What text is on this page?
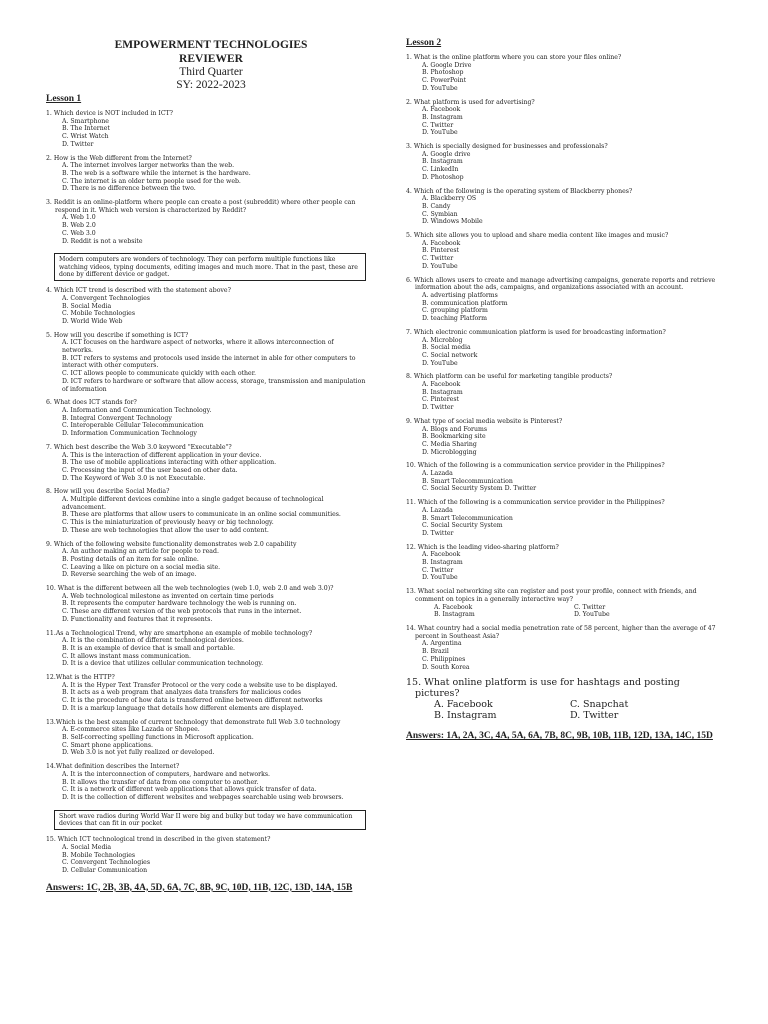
EMPOWERMENT TECHNOLOGIES
REVIEWER
Third Quarter
SY: 2022-2023
Lesson 1
1. Which device is NOT included in ICT?
A. Smartphone
B. The Internet
C. Wrist Watch
D. Twitter
2. How is the Web different from the Internet?
A. The internet involves larger networks than the web.
B. The web is a software while the internet is the hardware.
C. The internet is an older term people used for the web.
D. There is no difference between the two.
3. Reddit is an online-platform where people can create a post (subreddit) where other people can respond in it. Which web version is characterized by Reddit?
A. Web 1.0
B. Web 2.0
C. Web 3.0
D. Reddit is not a website
Modern computers are wonders of technology. They can perform multiple functions like watching videos, typing documents, editing images and much more. That in the past, these are done by different device or gadget.
4. Which ICT trend is described with the statement above?
A. Convergent Technologies
B. Social Media
C. Mobile Technologies
D. World Wide Web
5. How will you describe if something is ICT?
A. ICT focuses on the hardware aspect of networks, where it allows interconnection of networks.
B. ICT refers to systems and protocols used inside the internet in able for other computers to interact with other computers.
C. ICT allows people to communicate quickly with each other.
D. ICT refers to hardware or software that allow access, storage, transmission and manipulation of information
6. What does ICT stands for?
A. Information and Communication Technology.
B. Integral Convergent Technology
C. Interoperable Cellular Telecommunication
D. Information Communication Technology
7. Which best describe the Web 3.0 keyword "Executable"?
A. This is the interaction of different application in your device.
B. The use of mobile applications interacting with other application.
C. Processing the input of the user based on other data.
D. The Keyword of Web 3.0 is not Executable.
8. How will you describe Social Media?
A. Multiple different devices combine into a single gadget because of technological advancement.
B. These are platforms that allow users to communicate in an online social communities.
C. This is the miniaturization of previously heavy or big technology.
D. These are web technologies that allow the user to add content.
9. Which of the following website functionality demonstrates web 2.0 capability
A. An author making an article for people to read.
B. Posting details of an item for sale online.
C. Leaving a like on picture on a social media site.
D. Reverse searching the web of an image.
10. What is the different between all the web technologies (web 1.0, web 2.0 and web 3.0)?
A. Web technological milestone as invented on certain time periods
B. It represents the computer hardware technology the web is running on.
C. These are different version of the web protocols that runs in the internet.
D. Functionality and features that it represents.
11.As a Technological Trend, why are smartphone an example of mobile technology?
A. It is the combination of different technological devices.
B. It is an example of device that is small and portable.
C. It allows instant mass communication.
D. It is a device that utilizes cellular communication technology.
12.What is the HTTP?
A. It is the Hyper Text Transfer Protocol or the very code a website use to be displayed.
B. It acts as a web program that analyzes data transfers for malicious codes
C. It is the procedure of how data is transferred online between different networks
D. It is a markup language that details how different elements are displayed.
13.Which is the best example of current technology that demonstrate full Web 3.0 technology
A. E-commerce sites like Lazada or Shopee.
B. Self-correcting spelling functions in Microsoft application.
C. Smart phone applications.
D. Web 3.0 is not yet fully realized or developed.
14.What definition describes the Internet?
A. It is the interconnection of computers, hardware and networks.
B. It allows the transfer of data from one computer to another.
C. It is a network of different web applications that allows quick transfer of data.
D. It is the collection of different websites and webpages searchable using web browsers.
Short wave radios during World War II were big and bulky but today we have communication devices that can fit in our pocket
15. Which ICT technological trend in described in the given statement?
A. Social Media
B. Mobile Technologies
C. Convergent Technologies
D. Cellular Communication
Answers: 1C, 2B, 3B, 4A, 5D, 6A, 7C, 8B, 9C, 10D, 11B, 12C, 13D, 14A, 15B
Lesson 2
1. What is the online platform where you can store your files online?
A. Google Drive
B. Photoshop
C. PowerPoint
D. YouTube
2. What platform is used for advertising?
A. Facebook
B. Instagram
C. Twitter
D. YouTube
3. Which is specially designed for businesses and professionals?
A. Google drive
B. Instagram
C. LinkedIn
D. Photoshop
4. Which of the following is the operating system of Blackberry phones?
A. Blackberry OS
B. Candy
C. Symbian
D. Windows Mobile
5. Which site allows you to upload and share media content like images and music?
A. Facebook
B. Pinterest
C. Twitter
D. YouTube
6. Which allows users to create and manage advertising campaigns, generate reports and retrieve information about the ads, campaigns, and organizations associated with an account.
A. advertising platforms
B. communication platform
C. grouping platform
D. teaching Platform
7. Which electronic communication platform is used for broadcasting information?
A. Microblog
B. Social media
C. Social network
D. YouTube
8. Which platform can be useful for marketing tangible products?
A. Facebook
B. Instagram
C. Pinterest
D. Twitter
9. What type of social media website is Pinterest?
A. Blogs and Forums
B. Bookmarking site
C. Media Sharing
D. Microblogging
10. Which of the following is a communication service provider in the Philippines?
A. Lazada
B. Smart Telecommunication
C. Social Security System D. Twitter
11. Which of the following is a communication service provider in the Philippines?
A. Lazada
B. Smart Telecommunication
C. Social Security System
D. Twitter
12. Which is the leading video-sharing platform?
A. Facebook
B. Instagram
C. Twitter
D. YouTube
13. What social networking site can register and post your profile, connect with friends, and comment on topics in a generally interactive way?
A. Facebook	C. Twitter
B. Instagram	D. YouTube
14. What country had a social media penetration rate of 58 percent, higher than the average of 47 percent in Southeast Asia?
A. Argentina
B. Brazil
C. Philippines
D. South Korea
15. What online platform is use for hashtags and posting pictures?
A. Facebook	C. Snapchat
B. Instagram	D. Twitter
Answers: 1A, 2A, 3C, 4A, 5A, 6A, 7B, 8C, 9B, 10B, 11B, 12D, 13A, 14C, 15D
